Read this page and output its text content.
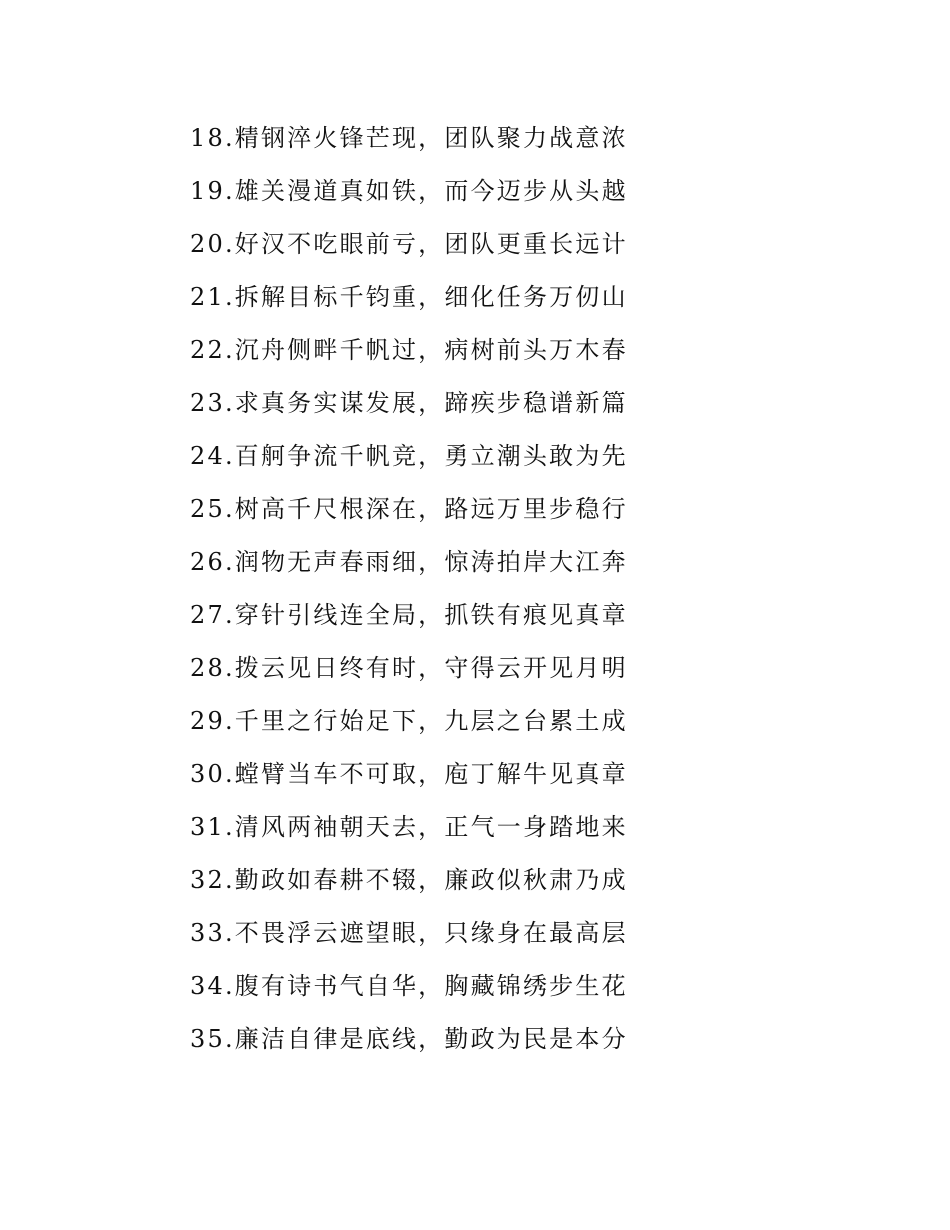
18.精钢淬火锋芒现，团队聚力战意浓
19.雄关漫道真如铁，而今迈步从头越
20.好汉不吃眼前亏，团队更重长远计
21.拆解目标千钧重，细化任务万仞山
22.沉舟侧畔千帆过，病树前头万木春
23.求真务实谋发展，蹄疾步稳谱新篇
24.百舸争流千帆竞，勇立潮头敢为先
25.树高千尺根深在，路远万里步稳行
26.润物无声春雨细，惊涛拍岸大江奔
27.穿针引线连全局，抓铁有痕见真章
28.拨云见日终有时，守得云开见月明
29.千里之行始足下，九层之台累土成
30.螳臂当车不可取，庖丁解牛见真章
31.清风两袖朝天去，正气一身踏地来
32.勤政如春耕不辍，廉政似秋肃乃成
33.不畏浮云遮望眼，只缘身在最高层
34.腹有诗书气自华，胸藏锦绣步生花
35.廉洁自律是底线，勤政为民是本分
